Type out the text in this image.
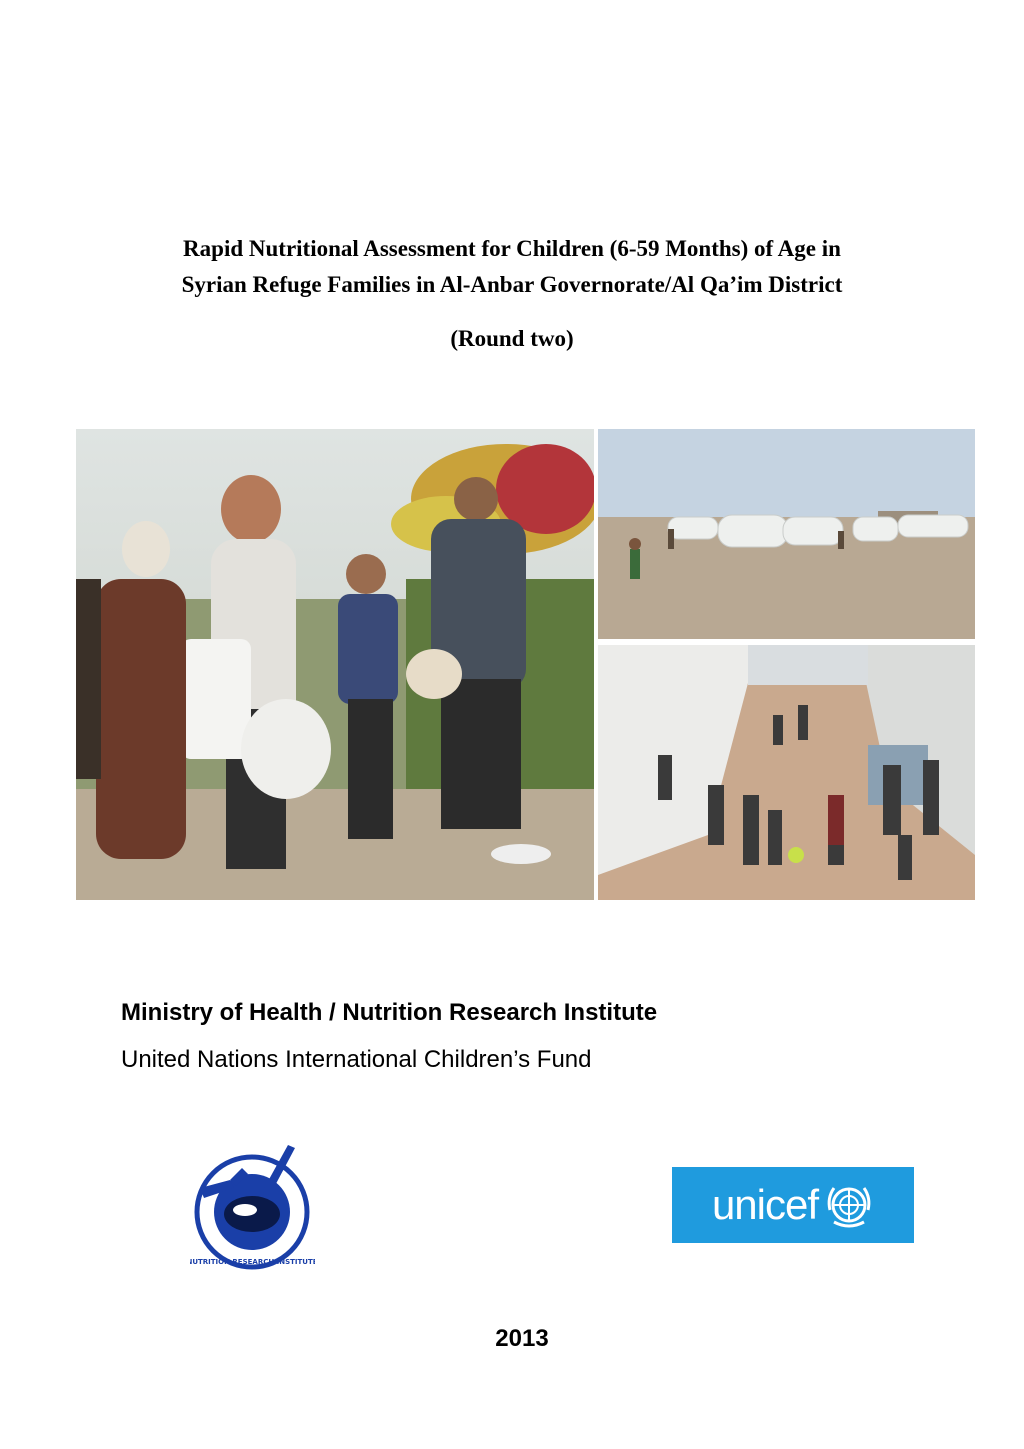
Rapid Nutritional Assessment for Children (6-59 Months) of Age in
Syrian Refuge Families in Al-Anbar Governorate/Al Qa’im District
(Round two)
Ministry of Health / Nutrition Research Institute
United Nations International Children’s Fund
NUTRITION RESEARCH INSTITUTE
unicef
2013
